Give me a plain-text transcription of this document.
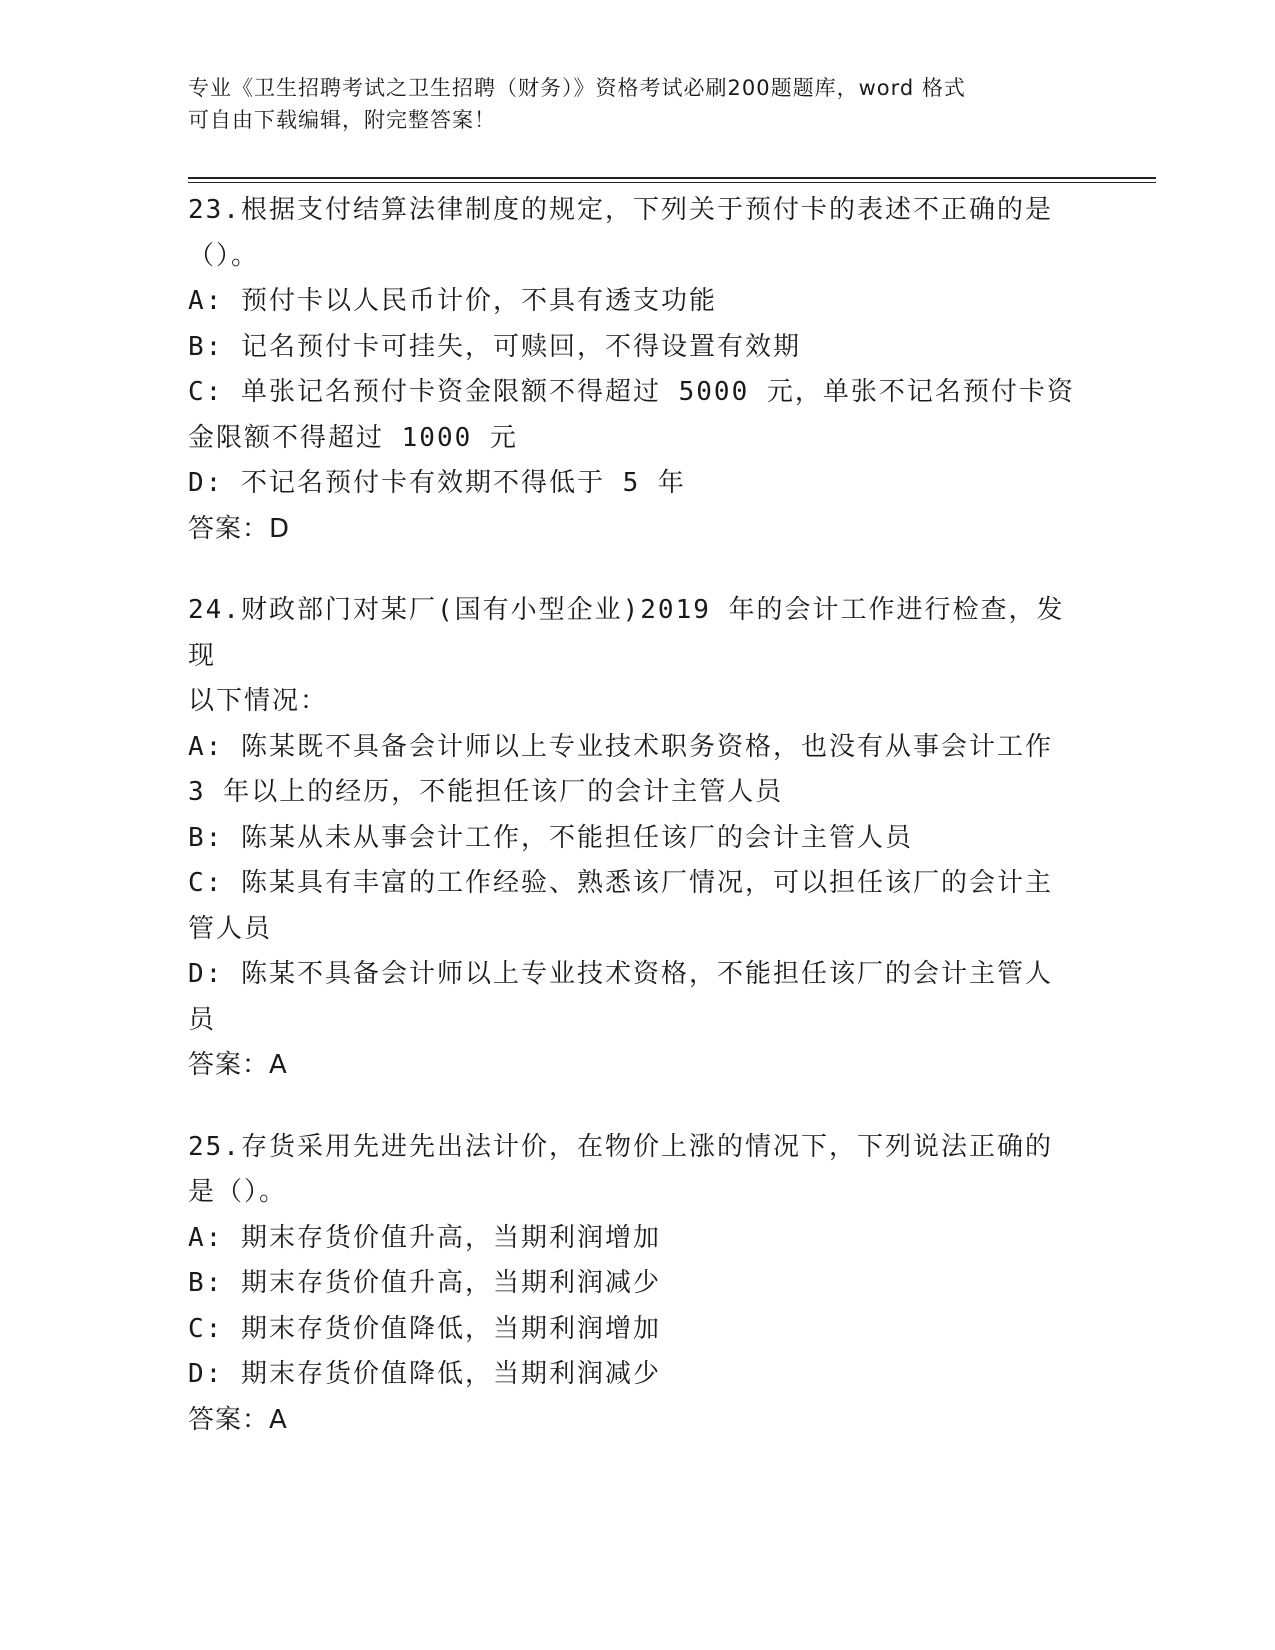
专业《卫生招聘考试之卫生招聘（财务）》资格考试必刷200题题库，word 格式
可自由下载编辑，附完整答案！
23.根据支付结算法律制度的规定，下列关于预付卡的表述不正确的是
（）。
A: 预付卡以人民币计价，不具有透支功能
B: 记名预付卡可挂失，可赎回，不得设置有效期
C: 单张记名预付卡资金限额不得超过 5000 元，单张不记名预付卡资
金限额不得超过 1000 元
D: 不记名预付卡有效期不得低于 5 年
答案：D
24.财政部门对某厂(国有小型企业)2019 年的会计工作进行检查，发现
以下情况：
A: 陈某既不具备会计师以上专业技术职务资格，也没有从事会计工作
3 年以上的经历，不能担任该厂的会计主管人员
B: 陈某从未从事会计工作，不能担任该厂的会计主管人员
C: 陈某具有丰富的工作经验、熟悉该厂情况，可以担任该厂的会计主
管人员
D: 陈某不具备会计师以上专业技术资格，不能担任该厂的会计主管人
员
答案：A
25.存货采用先进先出法计价，在物价上涨的情况下，下列说法正确的
是（）。
A: 期末存货价值升高，当期利润增加
B: 期末存货价值升高，当期利润减少
C: 期末存货价值降低，当期利润增加
D: 期末存货价值降低，当期利润减少
答案：A
